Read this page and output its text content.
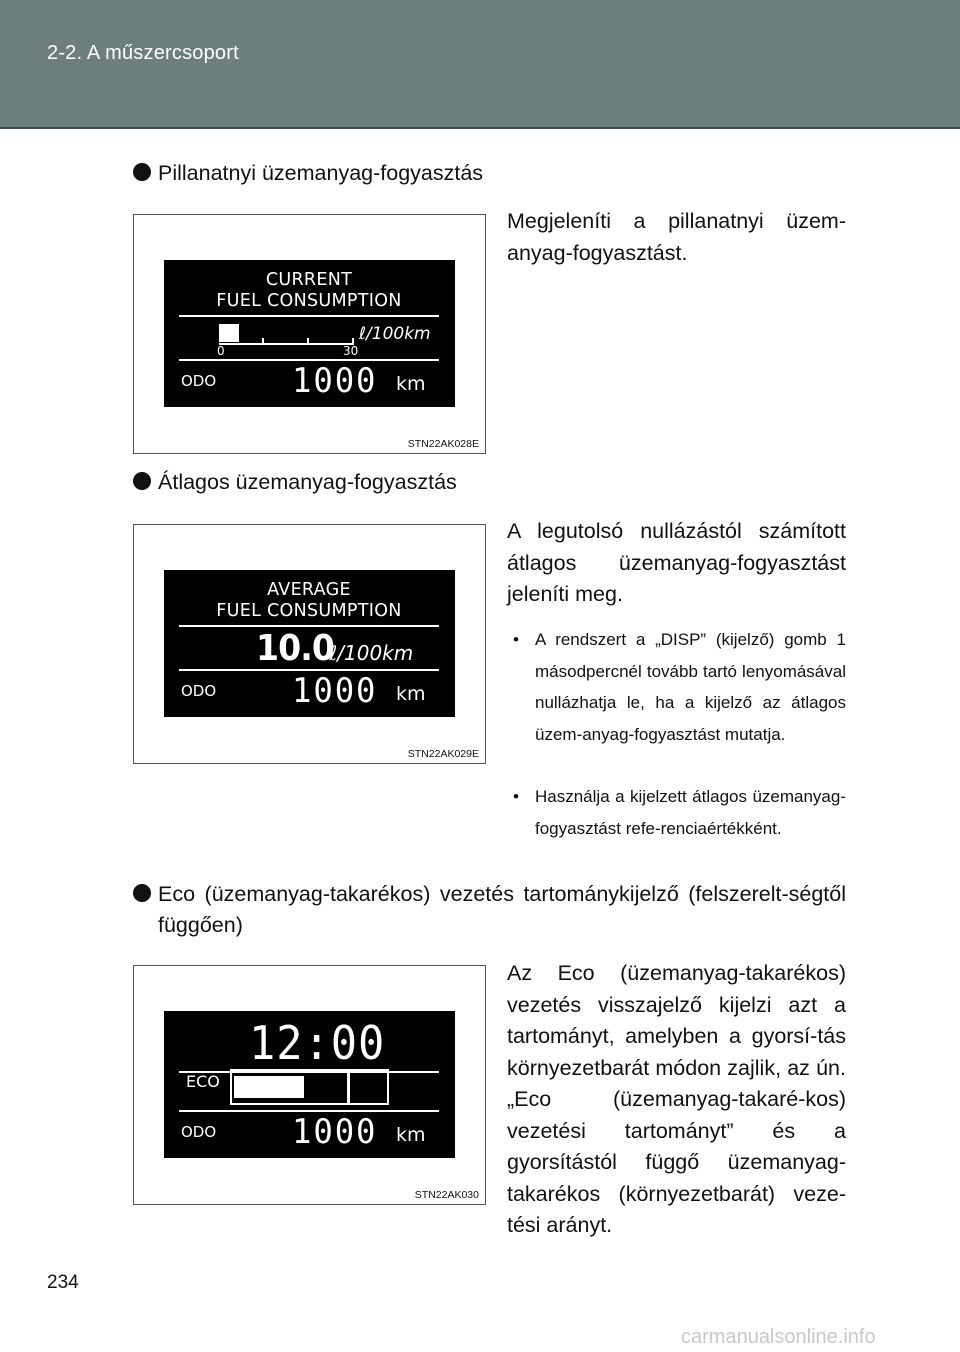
2-2. A műszercsoport
Pillanatnyi üzemanyag-fogyasztás
CURRENT
FUEL CONSUMPTION
ℓ/100km
0	30
ODO 1000 km
STN22AK028E
Megjeleníti a pillanatnyi üzem-anyag-fogyasztást.
Átlagos üzemanyag-fogyasztás
AVERAGE
FUEL CONSUMPTION
10.0
ℓ/100km
ODO 1000 km
STN22AK029E
A legutolsó nullázástól számított átlagos üzemanyag-fogyasztást jeleníti meg.
• A rendszert a „DISP” (kijelző) gomb 1 másodpercnél tovább tartó lenyomásával nullázhatja le, ha a kijelző az átlagos üzem-anyag-fogyasztást mutatja.
• Használja a kijelzett átlagos üzemanyag-fogyasztást refe-renciaértékként.
Eco (üzemanyag-takarékos) vezetés tartománykijelző (felszerelt-ségtől függően)
12:00
ECO
ODO 1000 km
STN22AK030
Az Eco (üzemanyag-takarékos) vezetés visszajelző kijelzi azt a tartományt, amelyben a gyorsí-tás környezetbarát módon zajlik, az ún. „Eco (üzemanyag-takaré-kos) vezetési tartományt” és a gyorsítástól függő üzemanyag-takarékos (környezetbarát) veze-tési arányt.
234
carmanualsonline.info
